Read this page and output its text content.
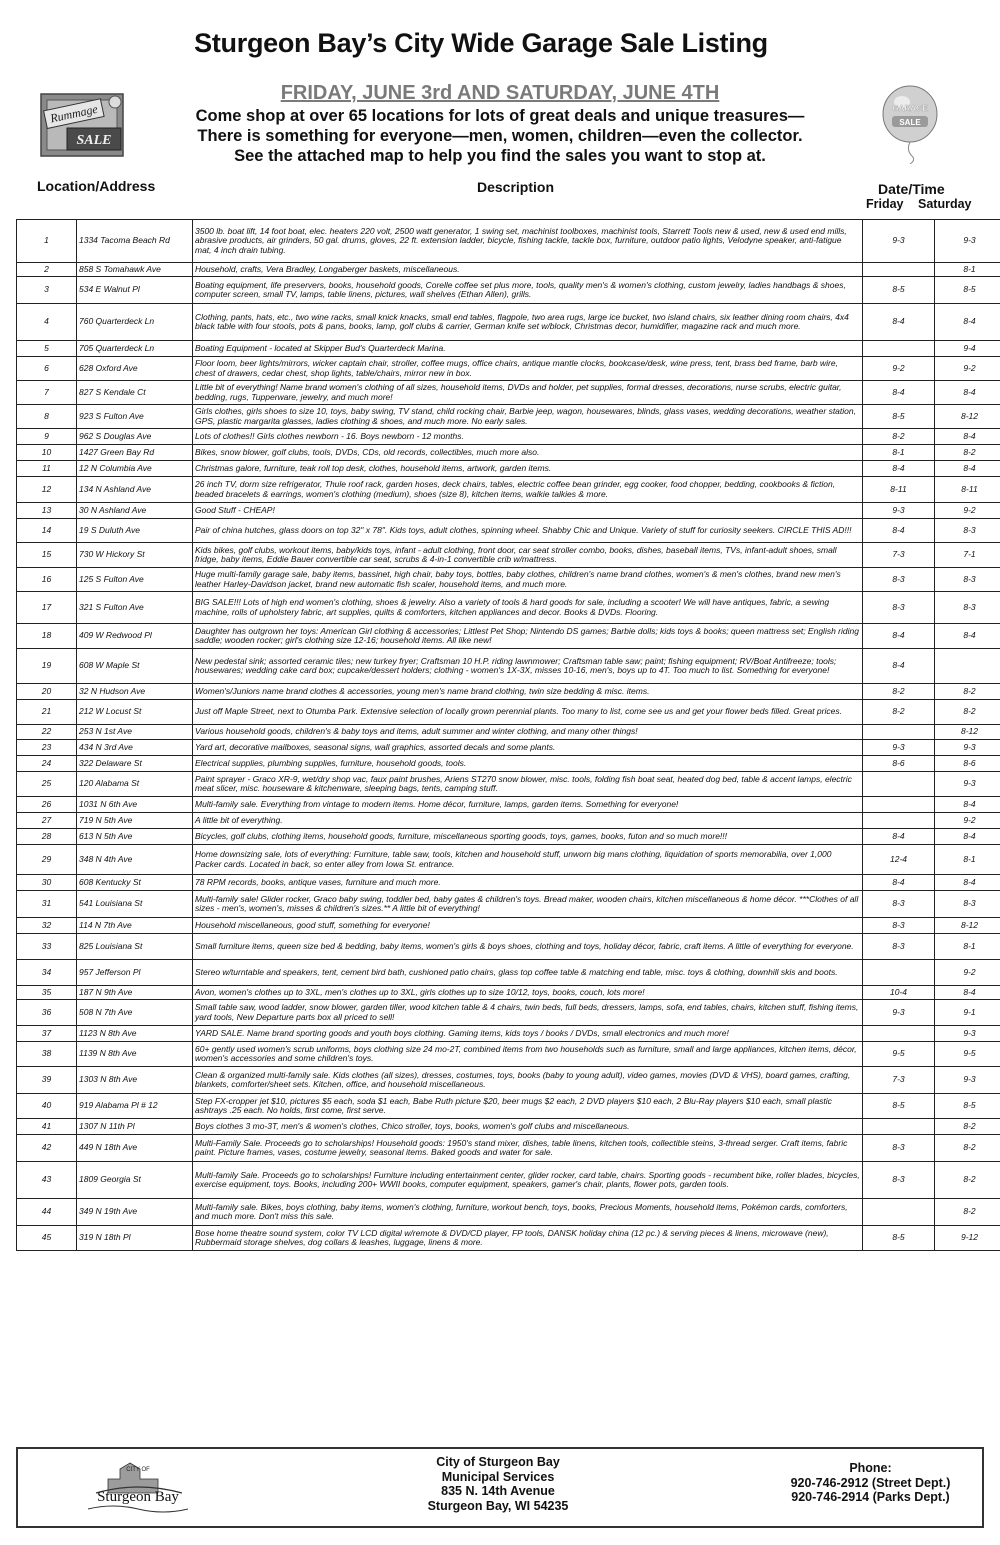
Sturgeon Bay’s City Wide Garage Sale Listing
Rummage
SALE
GARAGE
SALE
FRIDAY, JUNE 3rd AND SATURDAY, JUNE 4TH
Come shop at over 65 locations for lots of great deals and unique treasures—
There is something for everyone—men, women, children—even the collector.
See the attached map to help you find the sales you want to stop at.
Location/Address	Description	Date/Time
Friday Saturday
1	1334 Tacoma Beach Rd	3500 lb. boat lift, 14 foot boat, elec. heaters 220 volt, 2500 watt generator, 1 swing set, machinist toolboxes, machinist tools, Starrett Tools new & used, new & used end mills, abrasive products, air grinders, 50 gal. drums, gloves, 22 ft. extension ladder, bicycle, fishing tackle, tackle box, furniture, outdoor patio lights, Velodyne speaker, anti-fatigue mat, 4 inch drain tubing.	9-3	9-3
2	858 S Tomahawk Ave	Household, crafts, Vera Bradley, Longaberger baskets, miscellaneous.		8-1
3	534 E Walnut Pl	Boating equipment, life preservers, books, household goods, Corelle coffee set plus more, tools, quality men's & women's clothing, custom jewelry, ladies handbags & shoes, computer screen, small TV, lamps, table linens, pictures, wall shelves (Ethan Allen), grills.	8-5	8-5
4	760 Quarterdeck Ln	Clothing, pants, hats, etc., two wine racks, small knick knacks, small end tables, flagpole, two area rugs, large ice bucket, two island chairs, six leather dining room chairs, 4x4 black table with four stools, pots & pans, books, lamp, golf clubs & carrier, German knife set w/block, Christmas decor, humidifier, magazine rack and much more.	8-4	8-4
5	705 Quarterdeck Ln	Boating Equipment - located at Skipper Bud's Quarterdeck Marina.		9-4
6	628 Oxford Ave	Floor loom, beer lights/mirrors, wicker captain chair, stroller, coffee mugs, office chairs, antique mantle clocks, bookcase/desk, wine press, tent, brass bed frame, barb wire, chest of drawers, cedar chest, shop lights, table/chairs, mirror new in box.	9-2	9-2
7	827 S Kendale Ct	Little bit of everything! Name brand women's clothing of all sizes, household items, DVDs and holder, pet supplies, formal dresses, decorations, nurse scrubs, electric guitar, bedding, rugs, Tupperware, jewelry, and much more!	8-4	8-4
8	923 S Fulton Ave	Girls clothes, girls shoes to size 10, toys, baby swing, TV stand, child rocking chair, Barbie jeep, wagon, housewares, blinds, glass vases, wedding decorations, weather station, GPS, plastic margarita glasses, ladies clothing & shoes, and much more. No early sales.	8-5	8-12
9	962 S Douglas Ave	Lots of clothes!! Girls clothes newborn - 16. Boys newborn - 12 months.	8-2	8-4
10	1427 Green Bay Rd	Bikes, snow blower, golf clubs, tools, DVDs, CDs, old records, collectibles, much more also.	8-1	8-2
11	12 N Columbia Ave	Christmas galore, furniture, teak roll top desk, clothes, household items, artwork, garden items.	8-4	8-4
12	134 N Ashland Ave	26 inch TV, dorm size refrigerator, Thule roof rack, garden hoses, deck chairs, tables, electric coffee bean grinder, egg cooker, food chopper, bedding, cookbooks & fiction, beaded bracelets & earrings, women's clothing (medium), shoes (size 8), kitchen items, walkie talkies & more.	8-11	8-11
13	30 N Ashland Ave	Good Stuff - CHEAP!	9-3	9-2
14	19 S Duluth Ave	Pair of china hutches, glass doors on top 32" x 78". Kids toys, adult clothes, spinning wheel. Shabby Chic and Unique. Variety of stuff for curiosity seekers. CIRCLE THIS AD!!!	8-4	8-3
15	730 W Hickory St	Kids bikes, golf clubs, workout items, baby/kids toys, infant - adult clothing, front door, car seat stroller combo, books, dishes, baseball items, TVs, infant-adult shoes, small fridge, baby items, Eddie Bauer convertible car seat, scrubs & 4-in-1 convertible crib w/mattress.	7-3	7-1
16	125 S Fulton Ave	Huge multi-family garage sale, baby items, bassinet, high chair, baby toys, bottles, baby clothes, children's name brand clothes, women's & men's clothes, brand new men's leather Harley-Davidson jacket, brand new automatic fish scaler, household items, and much more.	8-3	8-3
17	321 S Fulton Ave	BIG SALE!!! Lots of high end women's clothing, shoes & jewelry. Also a variety of tools & hard goods for sale, including a scooter! We will have antiques, fabric, a sewing machine, rolls of upholstery fabric, art supplies, quilts & comforters, kitchen appliances and decor. Books & DVDs. Flooring.	8-3	8-3
18	409 W Redwood Pl	Daughter has outgrown her toys: American Girl clothing & accessories; Littlest Pet Shop; Nintendo DS games; Barbie dolls; kids toys & books; queen mattress set; English riding saddle; wooden rocker; girl's clothing size 12-16; household items. All like new!	8-4	8-4
19	608 W Maple St	New pedestal sink; assorted ceramic tiles; new turkey fryer; Craftsman 10 H.P. riding lawnmower; Craftsman table saw; paint; fishing equipment; RV/Boat Antifreeze; tools; housewares; wedding cake card box; cupcake/dessert holders; clothing - women's 1X-3X, misses 10-16, men's, boys up to 4T. Too much to list. Something for everyone!	8-4	
20	32 N Hudson Ave	Women's/Juniors name brand clothes & accessories, young men's name brand clothing, twin size bedding & misc. items.	8-2	8-2
21	212 W Locust St	Just off Maple Street, next to Otumba Park. Extensive selection of locally grown perennial plants. Too many to list, come see us and get your flower beds filled. Great prices.	8-2	8-2
22	253 N 1st Ave	Various household goods, children's & baby toys and items, adult summer and winter clothing, and many other things!		8-12
23	434 N 3rd Ave	Yard art, decorative mailboxes, seasonal signs, wall graphics, assorted decals and some plants.	9-3	9-3
24	322 Delaware St	Electrical supplies, plumbing supplies, furniture, household goods, tools.	8-6	8-6
25	120 Alabama St	Paint sprayer - Graco XR-9, wet/dry shop vac, faux paint brushes, Ariens ST270 snow blower, misc. tools, folding fish boat seat, heated dog bed, table & accent lamps, electric meat slicer, misc. houseware & kitchenware, sleeping bags, tents, camping stuff.		9-3
26	1031 N 6th Ave	Multi-family sale. Everything from vintage to modern items. Home décor, furniture, lamps, garden items. Something for everyone!		8-4
27	719 N 5th Ave	A little bit of everything.		9-2
28	613 N 5th Ave	Bicycles, golf clubs, clothing items, household goods, furniture, miscellaneous sporting goods, toys, games, books, futon and so much more!!!	8-4	8-4
29	348 N 4th Ave	Home downsizing sale, lots of everything: Furniture, table saw, tools, kitchen and household stuff, unworn big mans clothing, liquidation of sports memorabilia, over 1,000 Packer cards. Located in back, so enter alley from Iowa St. entrance.	12-4	8-1
30	608 Kentucky St	78 RPM records, books, antique vases, furniture and much more.	8-4	8-4
31	541 Louisiana St	Multi-family sale! Glider rocker, Graco baby swing, toddler bed, baby gates & children's toys. Bread maker, wooden chairs, kitchen miscellaneous & home décor. ***Clothes of all sizes - men's, women's, misses & children's sizes.** A little bit of everything!	8-3	8-3
32	114 N 7th Ave	Household miscellaneous, good stuff, something for everyone!	8-3	8-12
33	825 Louisiana St	Small furniture items, queen size bed & bedding, baby items, women's girls & boys shoes, clothing and toys, holiday décor, fabric, craft items. A little of everything for everyone.	8-3	8-1
34	957 Jefferson Pl	Stereo w/turntable and speakers, tent, cement bird bath, cushioned patio chairs, glass top coffee table & matching end table, misc. toys & clothing, downhill skis and boots.		9-2
35	187 N 9th Ave	Avon, women's clothes up to 3XL, men's clothes up to 3XL, girls clothes up to size 10/12, toys, books, couch, lots more!	10-4	8-4
36	508 N 7th Ave	Small table saw, wood ladder, snow blower, garden tiller, wood kitchen table & 4 chairs, twin beds, full beds, dressers, lamps, sofa, end tables, chairs, kitchen stuff, fishing items, yard tools, New Departure parts box all priced to sell!	9-3	9-1
37	1123 N 8th Ave	YARD SALE. Name brand sporting goods and youth boys clothing. Gaming items, kids toys / books / DVDs, small electronics and much more!		9-3
38	1139 N 8th Ave	60+ gently used women's scrub uniforms, boys clothing size 24 mo-2T, combined items from two households such as furniture, small and large appliances, kitchen items, décor, women's accessories and some children's toys.	9-5	9-5
39	1303 N 8th Ave	Clean & organized multi-family sale. Kids clothes (all sizes), dresses, costumes, toys, books (baby to young adult), video games, movies (DVD & VHS), board games, crafting, blankets, comforter/sheet sets. Kitchen, office, and household miscellaneous.	7-3	9-3
40	919 Alabama Pl # 12	Step FX-cropper jet $10, pictures $5 each, soda $1 each, Babe Ruth picture $20, beer mugs $2 each, 2 DVD players $10 each, 2 Blu-Ray players $10 each, small plastic ashtrays .25 each. No holds, first come, first serve.	8-5	8-5
41	1307 N 11th Pl	Boys clothes 3 mo-3T, men's & women's clothes, Chico stroller, toys, books, women's golf clubs and miscellaneous.		8-2
42	449 N 18th Ave	Multi-Family Sale. Proceeds go to scholarships! Household goods: 1950's stand mixer, dishes, table linens, kitchen tools, collectible steins, 3-thread serger. Craft items, fabric paint. Picture frames, vases, costume jewelry, seasonal items. Baked goods and water for sale.	8-3	8-2
43	1809 Georgia St	Multi-family Sale. Proceeds go to scholarships! Furniture including entertainment center, glider rocker, card table, chairs. Sporting goods - recumbent bike, roller blades, bicycles, exercise equipment, toys. Books, including 200+ WWII books, computer equipment, speakers, gamer's chair, plants, flower pots, garden tools.	8-3	8-2
44	349 N 19th Ave	Multi-family sale. Bikes, boys clothing, baby items, women's clothing, furniture, workout bench, toys, books, Precious Moments, household items, Pokémon cards, comforters, and much more. Don't miss this sale.		8-2
45	319 N 18th Pl	Bose home theatre sound system, color TV LCD digital w/remote & DVD/CD player, FP tools, DANSK holiday china (12 pc.) & serving pieces & linens, microwave (new), Rubbermaid storage shelves, dog collars & leashes, luggage, linens & more.	8-5	9-12
CITY OF
Sturgeon Bay
City of Sturgeon Bay
Municipal Services
835 N. 14th Avenue
Sturgeon Bay, WI 54235
Phone:
920-746-2912 (Street Dept.)
920-746-2914 (Parks Dept.)
